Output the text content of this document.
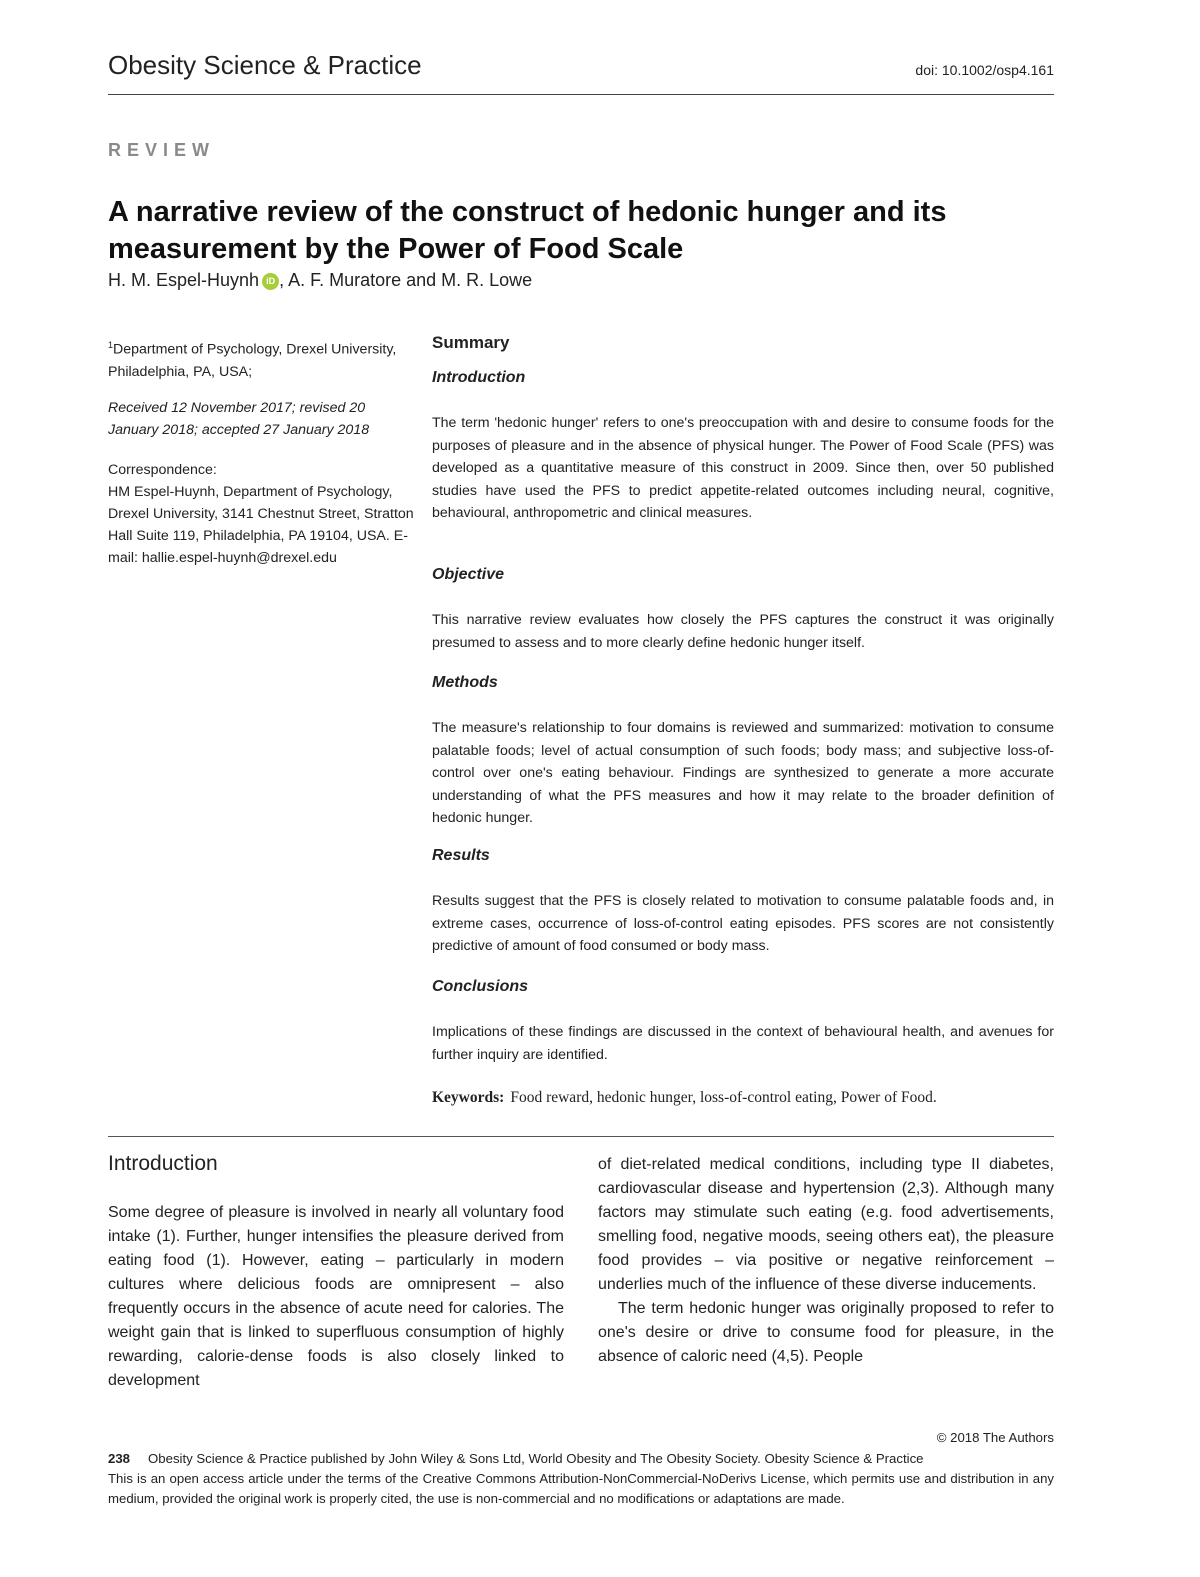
Obesity Science & Practice	doi: 10.1002/osp4.161
REVIEW
A narrative review of the construct of hedonic hunger and its measurement by the Power of Food Scale
H. M. Espel-Huynh iD , A. F. Muratore and M. R. Lowe

$^1$Department of Psychology, Drexel University, Philadelphia, PA, USA;

Received 12 November 2017; revised 20 January 2018; accepted 27 January 2018

Correspondence:

HM Espel-Huynh, Department of Psychology, Drexel University, 3141 Chestnut Street, Stratton Hall Suite 119, Philadelphia, PA 19104, USA. E-mail: hallie.espel-huynh@drexel.edu

Summary
Introduction
The term 'hedonic hunger' refers to one's preoccupation with and desire to consume foods for the purposes of pleasure and in the absence of physical hunger. The Power of Food Scale (PFS) was developed as a quantitative measure of this construct in 2009. Since then, over 50 published studies have used the PFS to predict appetite-related outcomes including neural, cognitive, behavioural, anthropometric and clinical measures.
Objective
This narrative review evaluates how closely the PFS captures the construct it was originally presumed to assess and to more clearly define hedonic hunger itself.
Methods
The measure's relationship to four domains is reviewed and summarized: motivation to consume palatable foods; level of actual consumption of such foods; body mass; and subjective loss-of-control over one's eating behaviour. Findings are synthesized to generate a more accurate understanding of what the PFS measures and how it may relate to the broader definition of hedonic hunger.
Results
Results suggest that the PFS is closely related to motivation to consume palatable foods and, in extreme cases, occurrence of loss-of-control eating episodes. PFS scores are not consistently predictive of amount of food consumed or body mass.
Conclusions
Implications of these findings are discussed in the context of behavioural health, and avenues for further inquiry are identified.
Keywords: Food reward, hedonic hunger, loss-of-control eating, Power of Food.
Introduction

Some degree of pleasure is involved in nearly all voluntary food intake (1). Further, hunger intensifies the pleasure derived from eating food (1). However, eating – particularly in modern cultures where delicious foods are omnipresent – also frequently occurs in the absence of acute need for calories. The weight gain that is linked to superfluous consumption of highly rewarding, calorie-dense foods is also closely linked to development

of diet-related medical conditions, including type II diabetes, cardiovascular disease and hypertension (2,3). Although many factors may stimulate such eating (e.g. food advertisements, smelling food, negative moods, seeing others eat), the pleasure food provides – via positive or negative reinforcement – underlies much of the influence of these diverse inducements.

The term hedonic hunger was originally proposed to refer to one's desire or drive to consume food for pleasure, in the absence of caloric need (4,5). People

© 2018 The Authors
238 Obesity Science & Practice published by John Wiley & Sons Ltd, World Obesity and The Obesity Society. Obesity Science & Practice
This is an open access article under the terms of the Creative Commons Attribution-NonCommercial-NoDerivs License, which permits use and distribution in any medium, provided the original work is properly cited, the use is non-commercial and no modifications or adaptations are made.
